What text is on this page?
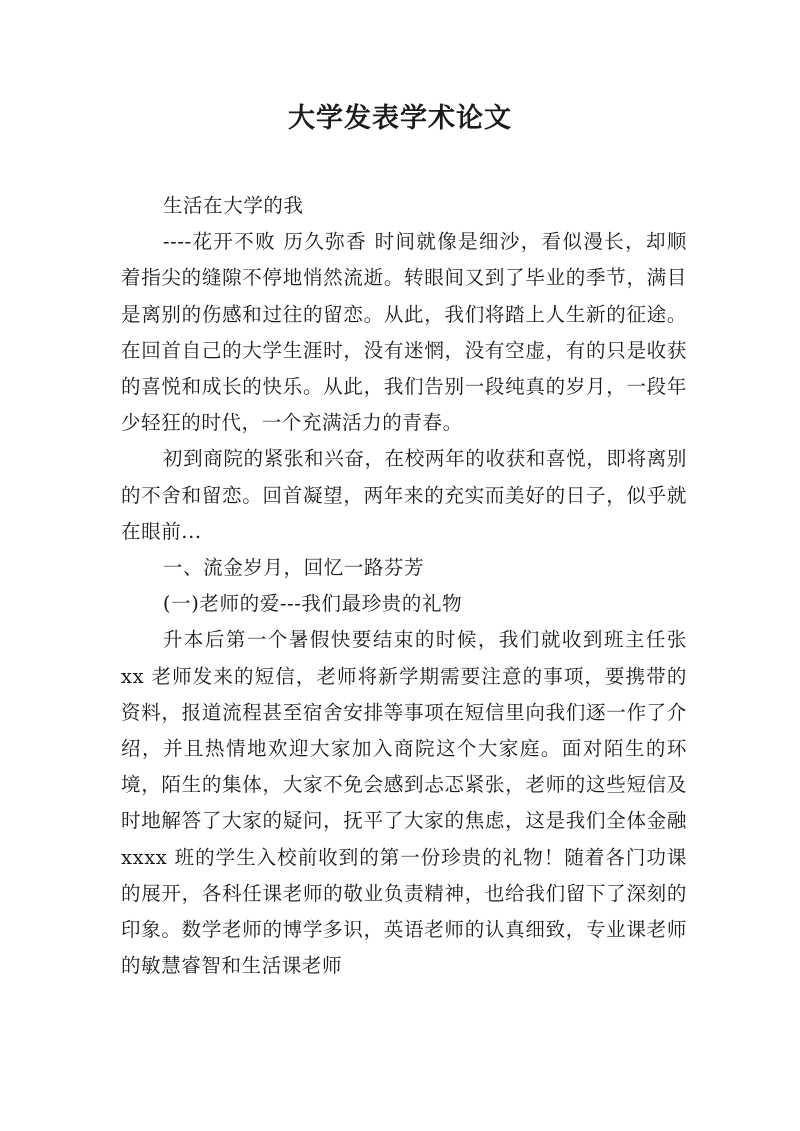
大学发表学术论文

生活在大学的我

----花开不败 历久弥香 时间就像是细沙，看似漫长，却顺着指尖的缝隙不停地悄然流逝。转眼间又到了毕业的季节，满目是离别的伤感和过往的留恋。从此，我们将踏上人生新的征途。在回首自己的大学生涯时，没有迷惘，没有空虚，有的只是收获的喜悦和成长的快乐。从此，我们告别一段纯真的岁月，一段年少轻狂的时代，一个充满活力的青春。

初到商院的紧张和兴奋，在校两年的收获和喜悦，即将离别的不舍和留恋。回首凝望，两年来的充实而美好的日子，似乎就在眼前...

一、流金岁月，回忆一路芬芳

(一)老师的爱---我们最珍贵的礼物

升本后第一个暑假快要结束的时候，我们就收到班主任张 xx 老师发来的短信，老师将新学期需要注意的事项，要携带的资料，报道流程甚至宿舍安排等事项在短信里向我们逐一作了介绍，并且热情地欢迎大家加入商院这个大家庭。面对陌生的环境，陌生的集体，大家不免会感到忐忑紧张，老师的这些短信及时地解答了大家的疑问，抚平了大家的焦虑，这是我们全体金融 xxxx 班的学生入校前收到的第一份珍贵的礼物！随着各门功课的展开，各科任课老师的敬业负责精神，也给我们留下了深刻的印象。数学老师的博学多识，英语老师的认真细致，专业课老师的敏慧睿智和生活课老师
